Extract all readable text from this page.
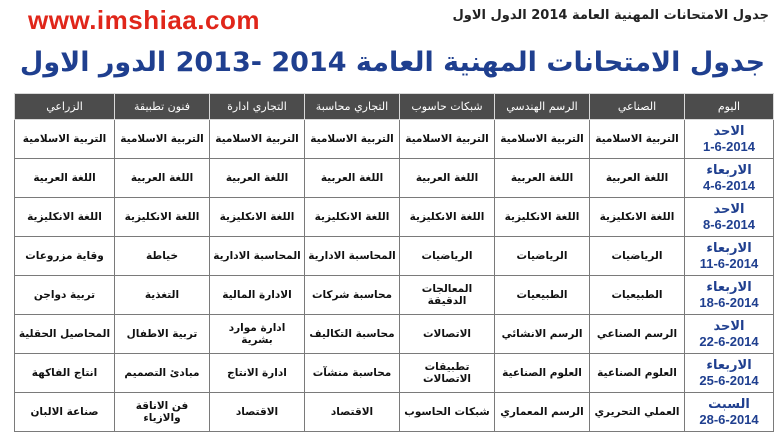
www.imshiaa.com	جدول الامتحانات المهنية العامة 2014 الدول الاول
جدول الامتحانات المهنية العامة 2014 -2013 الدور الاول
اليوم	الصناعي	الرسم الهندسي	شبكات حاسوب	التجاري محاسبة	التجاري ادارة	فنون تطبيقة	الزراعي

الاحد
1-6-2014	التربية الاسلامية	التربية الاسلامية	التربية الاسلامية	التربية الاسلامية	التربية الاسلامية	التربية الاسلامية	التربية الاسلامية

الاربعاء
4-6-2014	اللغة العربية	اللغة العربية	اللغة العربية	اللغة العربية	اللغة العربية	اللغة العربية	اللغة العربية

الاحد
8-6-2014	اللغة الانكليزية	اللغة الانكليزية	اللغة الانكليزية	اللغة الانكليزية	اللغة الانكليزية	اللغة الانكليزية	اللغة الانكليزية

الاربعاء
11-6-2014	الرياضيات	الرياضيات	الرياضيات	المحاسبة الادارية	المحاسبة الادارية	خياطة	وقاية مزروعات

الاربعاء
18-6-2014	الطبيعيات	الطبيعيات	المعالجات الدقيقة	محاسبة شركات	الادارة المالية	التغذية	تربية دواجن

الاحد
22-6-2014	الرسم الصناعي	الرسم الانشائي	الاتصالات	محاسبة التكاليف	ادارة موارد بشرية	تربية الاطفال	المحاصيل الحقلية

الاربعاء
25-6-2014	العلوم الصناعية	العلوم الصناعية	تطبيقات الاتصالات	محاسبة منشآت	ادارة الانتاج	مبادئ التصميم	انتاج الفاكهة

السبت
28-6-2014	العملي التحريري	الرسم المعماري	شبكات الحاسوب	الاقتصاد	الاقتصاد	فن الاناقة والازياء	صناعة الالبان
